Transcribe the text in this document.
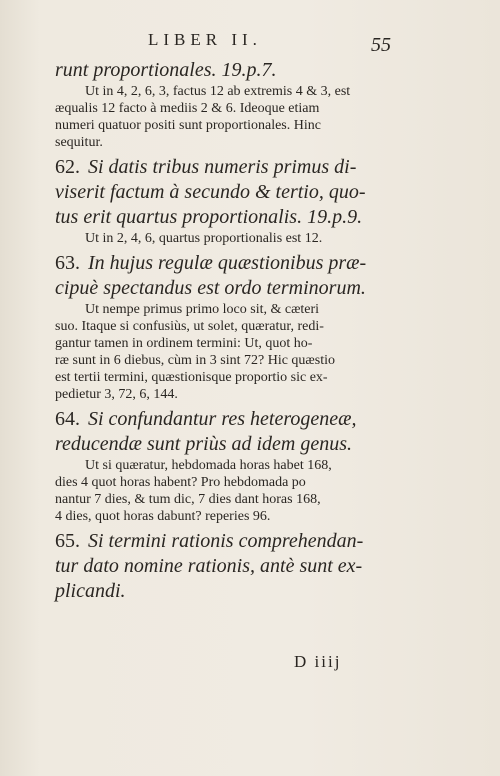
LIBER II.	55

runt proportionales. 19.p.7.

Ut in 4, 2, 6, 3, factus 12 ab extremis 4 & 3, est

æqualis 12 facto à mediis 2 & 6. Ideoque etiam

numeri quatuor positi sunt proportionales. Hinc

sequitur.

62. Si datis tribus numeris primus di-

viserit factum à secundo & tertio, quo-

tus erit quartus proportionalis. 19.p.9.

Ut in 2, 4, 6, quartus proportionalis est 12.

63. In hujus regulæ quæstionibus præ-

cipuè spectandus est ordo terminorum.

Ut nempe primus primo loco sit, & cæteri

suo. Itaque si confusiùs, ut solet, quæratur, redi-

gantur tamen in ordinem termini: Ut, quot ho-

ræ sunt in 6 diebus, cùm in 3 sint 72? Hic quæstio

est tertii termini, quæstionisque proportio sic ex-

pedietur 3, 72, 6, 144.

64. Si confundantur res heterogeneæ,

reducendæ sunt priùs ad idem genus.

Ut si quæratur, hebdomada horas habet 168,

dies 4 quot horas habent? Pro hebdomada po

nantur 7 dies, & tum dic, 7 dies dant horas 168,

4 dies, quot horas dabunt? reperies 96.

65. Si termini rationis comprehendan-

tur dato nomine rationis, antè sunt ex-

plicandi.

D iiij
